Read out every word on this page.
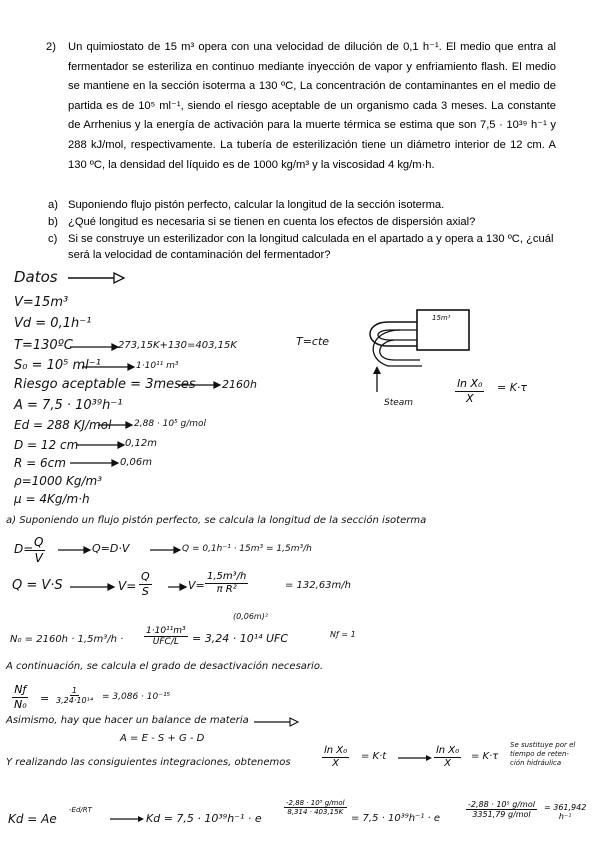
2) Un quimiostato de 15 m³ opera con una velocidad de dilución de 0,1 h⁻¹. El medio que entra al fermentador se esteriliza en continuo mediante inyección de vapor y enfriamiento flash. El medio se mantiene en la sección isoterma a 130 ºC, La concentración de contaminantes en el medio de partida es de 10⁵ ml⁻¹, siendo el riesgo aceptable de un organismo cada 3 meses. La constante de Arrhenius y la energía de activación para la muerte térmica se estima que son 7,5 · 10³⁹ h⁻¹ y 288 kJ/mol, respectivamente. La tubería de esterilización tiene un diámetro interior de 12 cm. A 130 ºC, la densidad del líquido es de 1000 kg/m³ y la viscosidad 4 kg/m·h.
a) Suponiendo flujo pistón perfecto, calcular la longitud de la sección isoterma.
b) ¿Qué longitud es necesaria si se tienen en cuenta los efectos de dispersión axial?
c) Si se construye un esterilizador con la longitud calculada en el apartado a y opera a 130 ºC, ¿cuál será la velocidad de contaminación del fermentador?
Datos
V=15m³
Vd = 0,1h⁻¹
T=130ºC	273,15K+130=403,15K	T=cte
S₀ = 10⁵ ml⁻¹	1·10¹¹ m³
Riesgo aceptable = 3meses 2160h
A = 7,5 · 10³⁹h⁻¹
Ed = 288 KJ/mol	2,88 · 10⁵ g/mol
D = 12 cm	0,12m
R = 6cm	0,06m
ρ=1000 Kg/m³
μ = 4Kg/m·h
15m³
Steam	$\frac{\text{ln X₀}}{X} = K\cdot\tau$
a) Suponiendo un flujo pistón perfecto, se calcula la longitud de la sección isoterma
D=
$\frac{Q}{V}$	Q=D·V	Q = 0,1h⁻¹ · 15m³ = 1,5m³/h
Q = V·S	$V= \frac{Q}{S}$	$V= \frac{\text{1,5m³/h}}{\text{π R²}}$
(0,06m)²
= 132,63m/h
N₀ = 2160h · 1,5m³/h ·
1·10¹¹m³
UFC/L = 3,24 · 10¹⁴ UFC	Nƒ = 1
A continuación, se calcula el grado de desactivación necesario.
$\frac{Nƒ}{\text{N₀}} = \frac{1}{\text{3,24·10¹⁴}} = 3,086 \cdot 10^{-15}$
Asimismo, hay que hacer un balance de materia
A = E - S + G - D
Y realizando las consiguientes integraciones, obtenemos	$\frac{\text{ln X₀}}{X} = K\cdot t$	$\frac{\text{ln X₀}}{X} = K\cdot\tau$
Se sustituye por el
tiempo de reten-
ción hidráulica
Kd = Ae
-Ed/RT
Kd = 7,5 · 10³⁹h⁻¹ · e
-2,88 · 10⁵ g/mol
8,314 · 403,15K
= 7,5 · 10³⁹h⁻¹ · e
-2,88 · 10⁵ g/mol
3351,79 g/mol
= 361,942
h⁻¹
